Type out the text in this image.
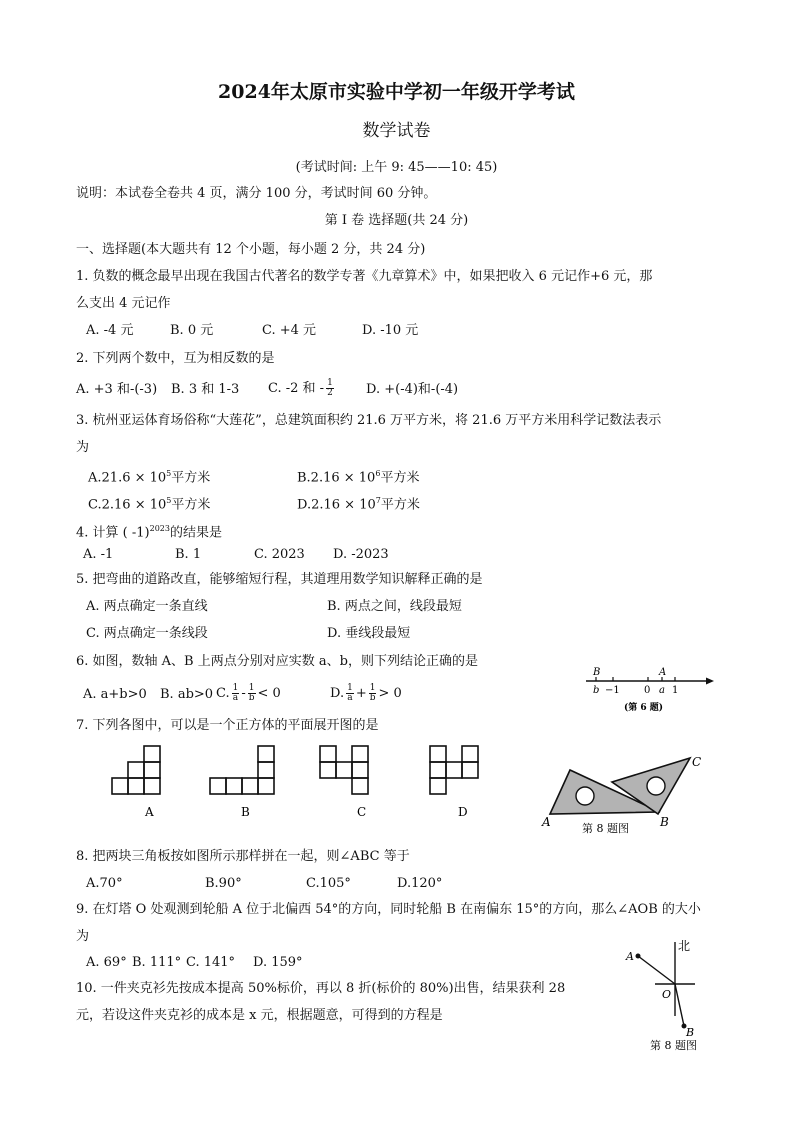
2024年太原市实验中学初一年级开学考试
数学试卷
(考试时间: 上午 9: 45——10: 45)
说明：本试卷全卷共 4 页，满分 100 分，考试时间 60 分钟。
第 I 卷 选择题(共 24 分)
一、选择题(本大题共有 12 个小题，每小题 2 分，共 24 分)
1. 负数的概念最早出现在我国古代著名的数学专著《九章算术》中，如果把收入 6 元记作+6 元，那
么支出 4 元记作
A. -4 元	B. 0 元	C. +4 元	D. -10 元
2. 下列两个数中，互为相反数的是
A. +3 和-(-3) B. 3 和 1-3 C. -2 和 - $\frac{1}{2} D$. +(-4)和-(-4)
3. 杭州亚运体育场俗称“大莲花”，总建筑面积约 21.6 万平方米，将 21.6 万平方米用科学记数法表示
为
$A.21.6 \times 10^5$平方米	$B.2.16 \times 10^6$平方米
$C.2.16 \times 10^5$平方米	$D.2.16 \times 10^7$平方米
4. 计算 ( -1)$^{2023}$的结果是
A. -1	B. 1	C. 2023 D. -2023
5. 把弯曲的道路改直，能够缩短行程，其道理用数学知识解释正确的是
A. 两点确定一条直线	B. 两点之间，线段最短
C. 两点确定一条线段	D. 垂线段最短
6. 如图，数轴 A、B 上两点分别对应实数 a、b，则下列结论正确的是
A. a+b>0 B. ab>0 C. $\frac{1}{a} - \frac{1}{b} < 0$	D. $\frac{1}{a} + \frac{1}{b} > 0$
B
b −1 0
A
a 1
(第 6 题)
7. 下列各图中，可以是一个正方体的平面展开图的是
A	B	C	D
A	B
C
第 8 题图
8. 把两块三角板按如图所示那样拼在一起，则∠ABC 等于
A.70°	B.90°	C.105°	D.120°
9. 在灯塔 O 处观测到轮船 A 位于北偏西 54°的方向，同时轮船 B 在南偏东 15°的方向，那么∠AOB 的大小
为
A. 69° B. 111° C. 141° D. 159°
北
A
O
B
第 8 题图
10. 一件夹克衫先按成本提高 50%标价，再以 8 折(标价的 80%)出售，结果获利 28
元，若设这件夹克衫的成本是 x 元，根据题意，可得到的方程是
